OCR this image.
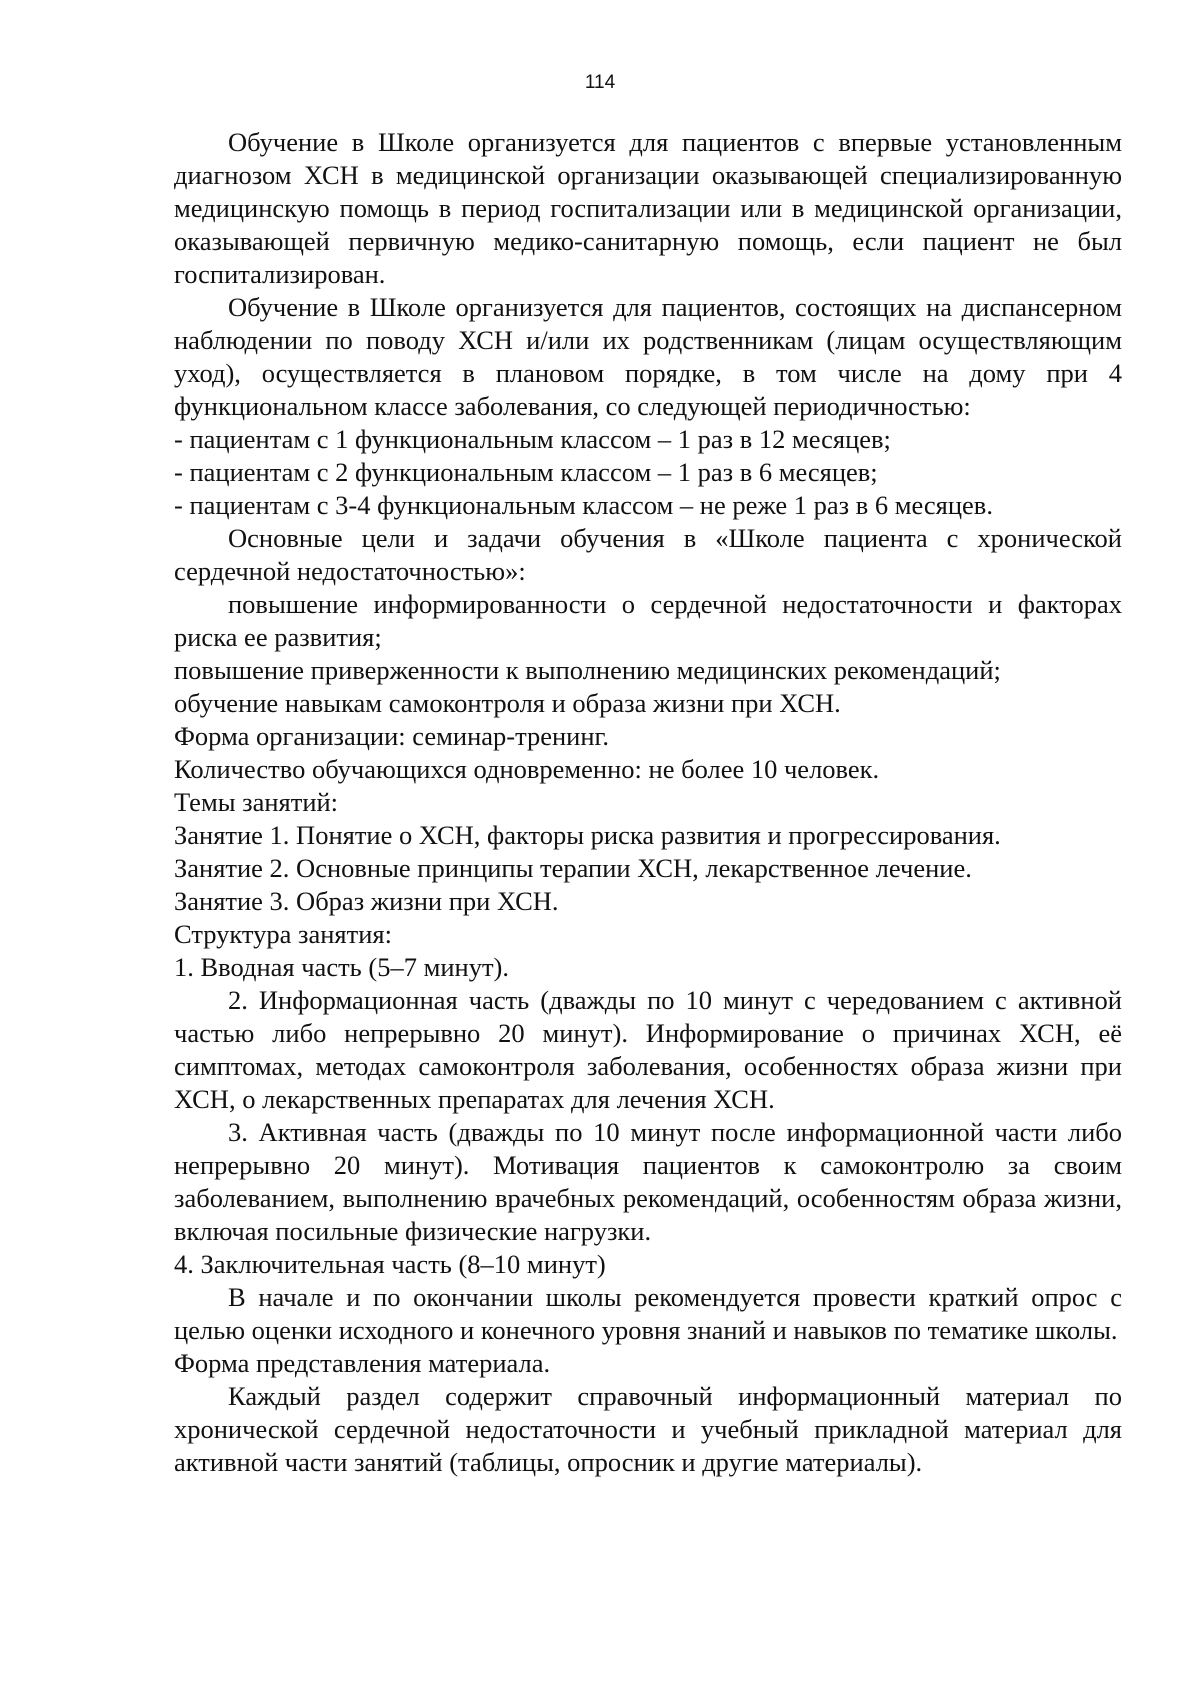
114

Обучение в Школе организуется для пациентов с впервые установленным диагнозом ХСН в медицинской организации оказывающей специализированную медицинскую помощь в период госпитализации или в медицинской организации, оказывающей первичную медико-санитарную помощь, если пациент не был госпитализирован.

Обучение в Школе организуется для пациентов, состоящих на диспансерном наблюдении по поводу ХСН и/или их родственникам (лицам осуществляющим уход), осуществляется в плановом порядке, в том числе на дому при 4 функциональном классе заболевания, со следующей периодичностью:

- пациентам с 1 функциональным классом – 1 раз в 12 месяцев;

- пациентам с 2 функциональным классом – 1 раз в 6 месяцев;

- пациентам с 3-4 функциональным классом – не реже 1 раз в 6 месяцев.

Основные цели и задачи обучения в «Школе пациента с хронической сердечной недостаточностью»:

повышение информированности о сердечной недостаточности и факторах риска ее развития;

повышение приверженности к выполнению медицинских рекомендаций;

обучение навыкам самоконтроля и образа жизни при ХСН.

Форма организации: семинар-тренинг.

Количество обучающихся одновременно: не более 10 человек.

Темы занятий:

Занятие 1. Понятие о ХСН, факторы риска развития и прогрессирования.

Занятие 2. Основные принципы терапии ХСН, лекарственное лечение.

Занятие 3. Образ жизни при ХСН.

Структура занятия:

1. Вводная часть (5–7 минут).

2. Информационная часть (дважды по 10 минут с чередованием с активной частью либо непрерывно 20 минут). Информирование о причинах ХСН, её симптомах, методах самоконтроля заболевания, особенностях образа жизни при ХСН, о лекарственных препаратах для лечения ХСН.

3. Активная часть (дважды по 10 минут после информационной части либо непрерывно 20 минут). Мотивация пациентов к самоконтролю за своим заболеванием, выполнению врачебных рекомендаций, особенностям образа жизни, включая посильные физические нагрузки.

4. Заключительная часть (8–10 минут)

В начале и по окончании школы рекомендуется провести краткий опрос с целью оценки исходного и конечного уровня знаний и навыков по тематике школы.

Форма представления материала.

Каждый раздел содержит справочный информационный материал по хронической сердечной недостаточности и учебный прикладной материал для активной части занятий (таблицы, опросник и другие материалы).
